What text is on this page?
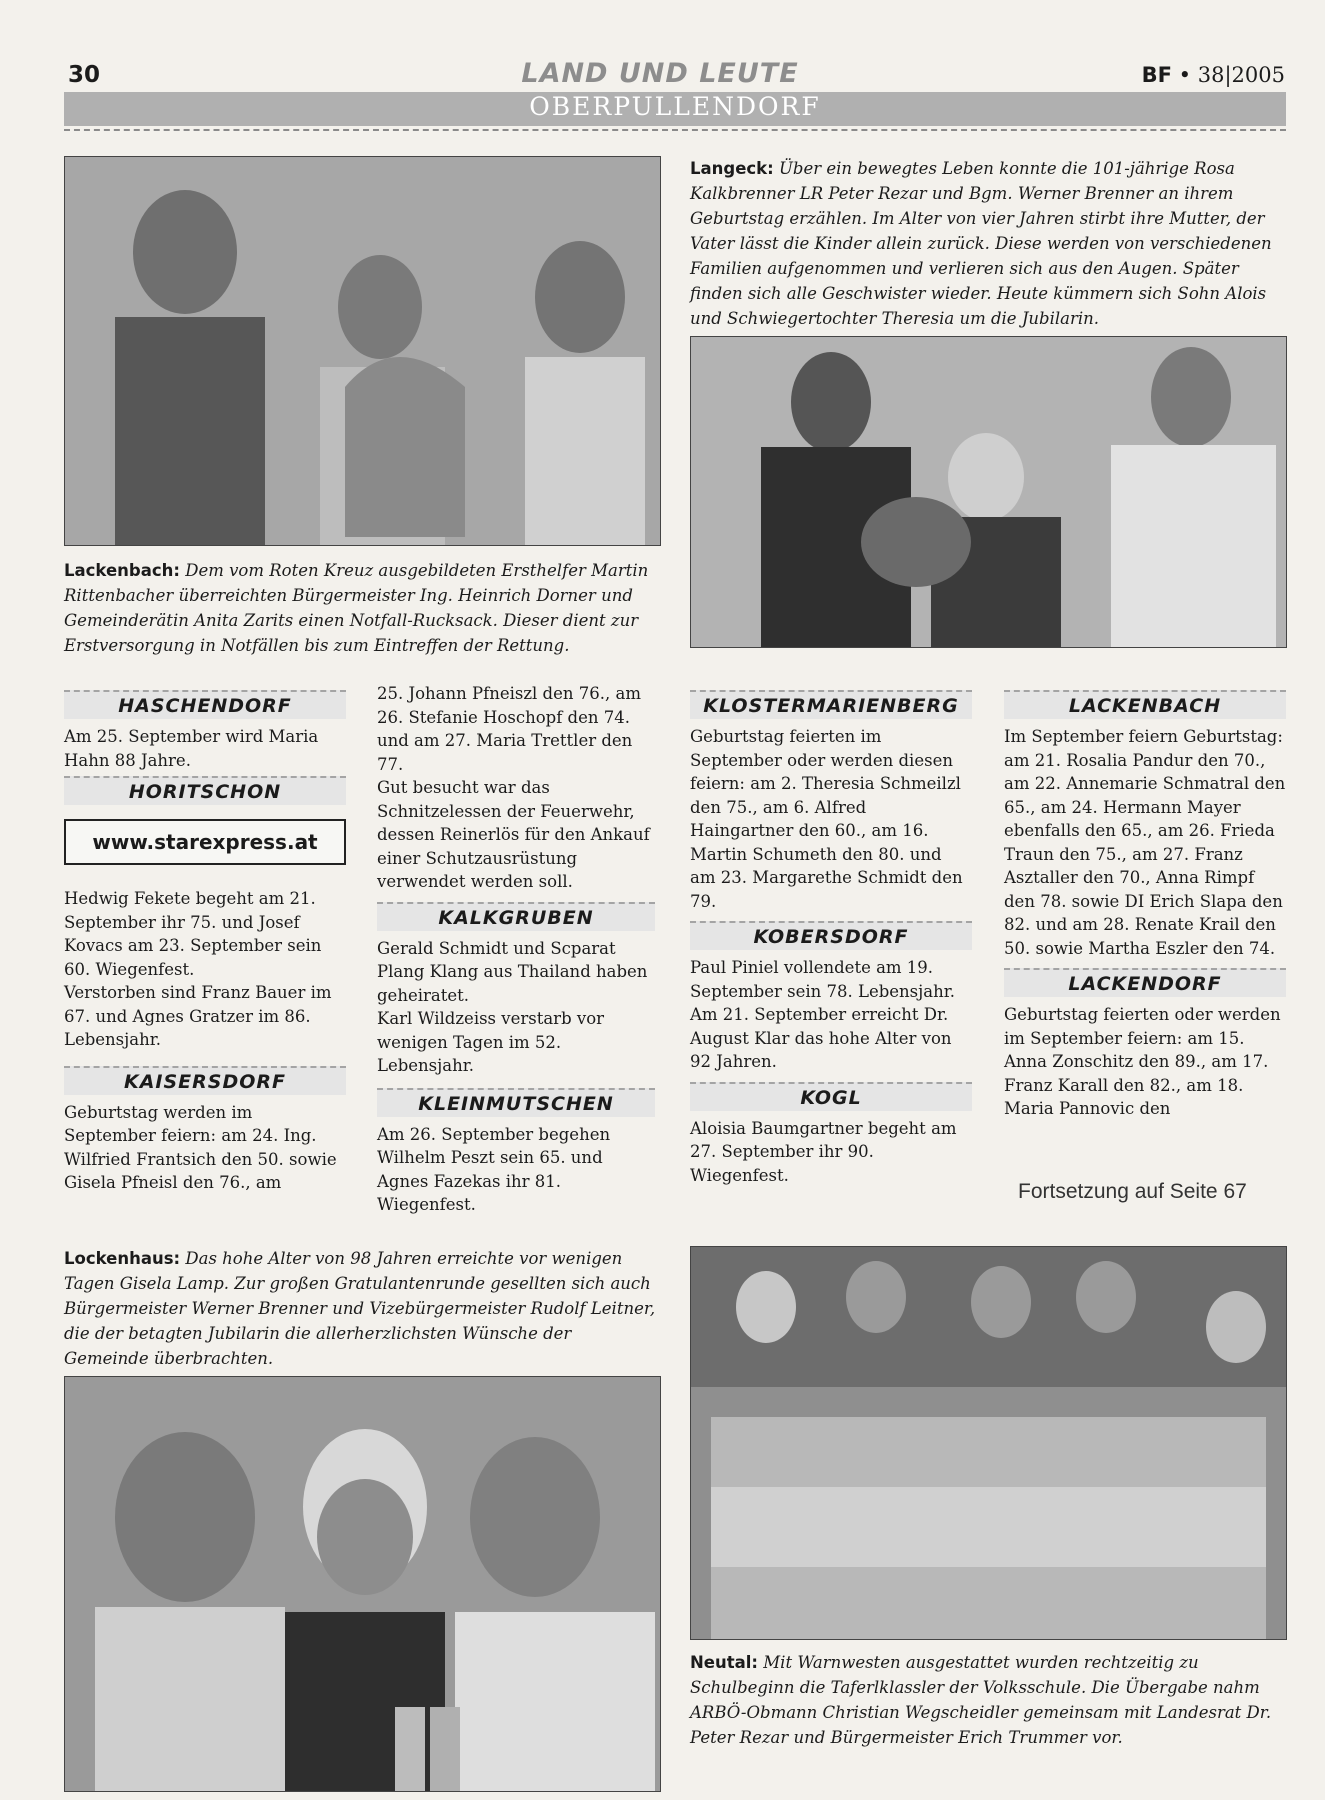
30	LAND UND LEUTE	BF • 38|2005
OBERPULLENDORF
Lackenbach: Dem vom Roten Kreuz ausgebildeten Ersthelfer Martin Rittenbacher überreichten Bürgermeister Ing. Heinrich Dorner und Gemeinderätin Anita Zarits einen Notfall-Rucksack. Dieser dient zur Erstversorgung in Notfällen bis zum Eintreffen der Rettung.
Langeck: Über ein bewegtes Leben konnte die 101-jährige Rosa Kalkbrenner LR Peter Rezar und Bgm. Werner Brenner an ihrem Geburtstag erzählen. Im Alter von vier Jahren stirbt ihre Mutter, der Vater lässt die Kinder allein zurück. Diese werden von verschiedenen Familien aufgenommen und verlieren sich aus den Augen. Später finden sich alle Geschwister wieder. Heute kümmern sich Sohn Alois und Schwiegertochter Theresia um die Jubilarin.
HASCHENDORF

Am 25. September wird Maria Hahn 88 Jahre.

HORITSCHON
www.starexpress.at

Hedwig Fekete begeht am 21. September ihr 75. und Josef Kovacs am 23. September sein 60. Wiegenfest.

Verstorben sind Franz Bauer im 67. und Agnes Gratzer im 86. Lebensjahr.

KAISERSDORF

Geburtstag werden im September feiern: am 24. Ing. Wilfried Frantsich den 50. sowie Gisela Pfneisl den 76., am

25. Johann Pfneiszl den 76., am 26. Stefanie Hoschopf den 74. und am 27. Maria Trettler den 77.

Gut besucht war das Schnitzelessen der Feuerwehr, dessen Reinerlös für den Ankauf einer Schutzausrüstung verwendet werden soll.

KALKGRUBEN

Gerald Schmidt und Scparat Plang Klang aus Thailand haben geheiratet.

Karl Wildzeiss verstarb vor wenigen Tagen im 52. Lebensjahr.

KLEINMUTSCHEN

Am 26. September begehen Wilhelm Peszt sein 65. und Agnes Fazekas ihr 81. Wiegenfest.

KLOSTERMARIENBERG

Geburtstag feierten im September oder werden diesen feiern: am 2. Theresia Schmeilzl den 75., am 6. Alfred Haingartner den 60., am 16. Martin Schumeth den 80. und am 23. Margarethe Schmidt den 79.

KOBERSDORF

Paul Piniel vollendete am 19. September sein 78. Lebensjahr.

Am 21. September erreicht Dr. August Klar das hohe Alter von 92 Jahren.

KOGL

Aloisia Baumgartner begeht am 27. September ihr 90. Wiegenfest.

LACKENBACH

Im September feiern Geburtstag: am 21. Rosalia Pandur den 70., am 22. Annemarie Schmatral den 65., am 24. Hermann Mayer ebenfalls den 65., am 26. Frieda Traun den 75., am 27. Franz Asztaller den 70., Anna Rimpf den 78. sowie DI Erich Slapa den 82. und am 28. Renate Krail den 50. sowie Martha Eszler den 74.

LACKENDORF

Geburtstag feierten oder werden im September feiern: am 15. Anna Zonschitz den 89., am 17. Franz Karall den 82., am 18. Maria Pannovic den

Fortsetzung auf Seite 67
Lockenhaus: Das hohe Alter von 98 Jahren erreichte vor wenigen Tagen Gisela Lamp. Zur großen Gratulantenrunde gesellten sich auch Bürgermeister Werner Brenner und Vizebürgermeister Rudolf Leitner, die der betagten Jubilarin die allerherzlichsten Wünsche der Gemeinde überbrachten.
Neutal: Mit Warnwesten ausgestattet wurden rechtzeitig zu Schulbeginn die Taferlklassler der Volksschule. Die Übergabe nahm ARBÖ-Obmann Christian Wegscheidler gemeinsam mit Landesrat Dr. Peter Rezar und Bürgermeister Erich Trummer vor.
